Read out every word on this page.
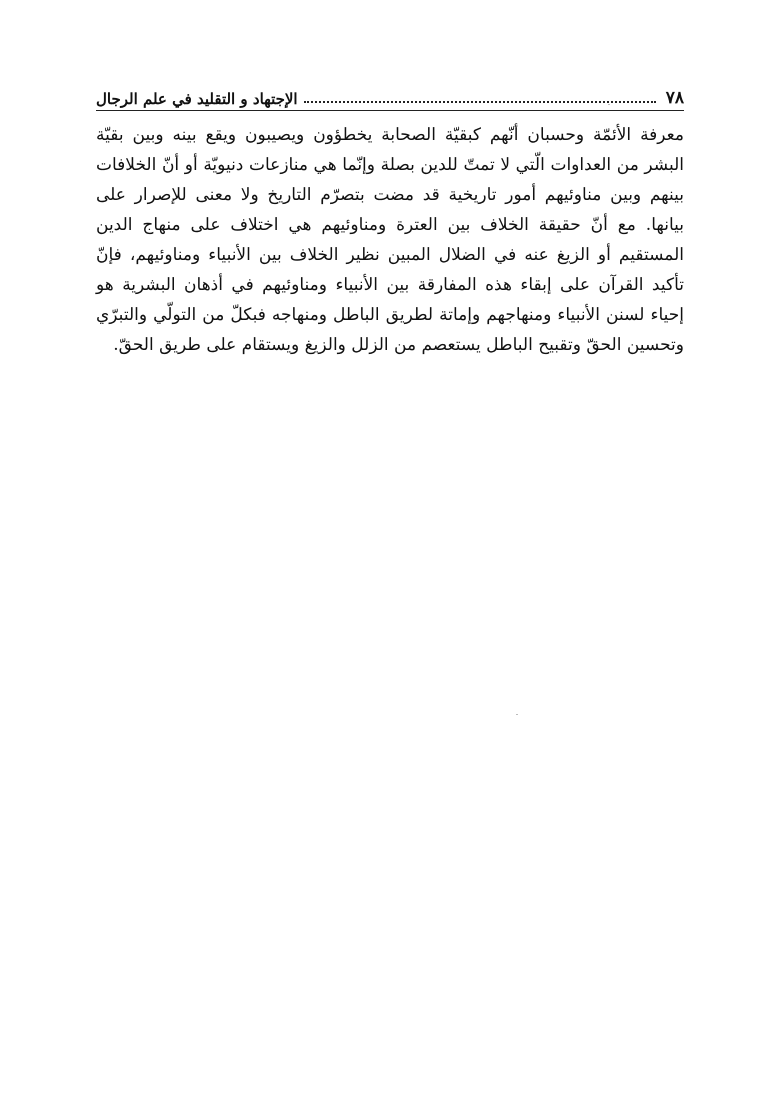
٧٨
الإجتهاد و التقليد في علم الرجال

معرفة الأئمّة وحسبان أنّهم كبقيّة الصحابة يخطؤون ويصيبون ويقع بينه وبين بقيّة البشر من العداوات الّتي لا تمتّ للدين بصلة وإنّما هي منازعات دنيويّة أو أنّ الخلافات بينهم وبين مناوئيهم أمور تاريخية قد مضت بتصرّم التاريخ ولا معنى للإصرار على بيانها. مع أنّ حقيقة الخلاف بين العترة ومناوئيهم هي اختلاف على منهاج الدين المستقيم أو الزيغ عنه في الضلال المبين نظير الخلاف بين الأنبياء ومناوئيهم، فإنّ تأكيد القرآن على إبقاء هذه المفارقة بين الأنبياء ومناوئيهم في أذهان البشرية هو إحياء لسنن الأنبياء ومنهاجهم وإماتة لطريق الباطل ومنهاجه فبكلّ من التولّي والتبرّي وتحسين الحقّ وتقبيح الباطل يستعصم من الزلل والزيغ ويستقام على طريق الحقّ.
